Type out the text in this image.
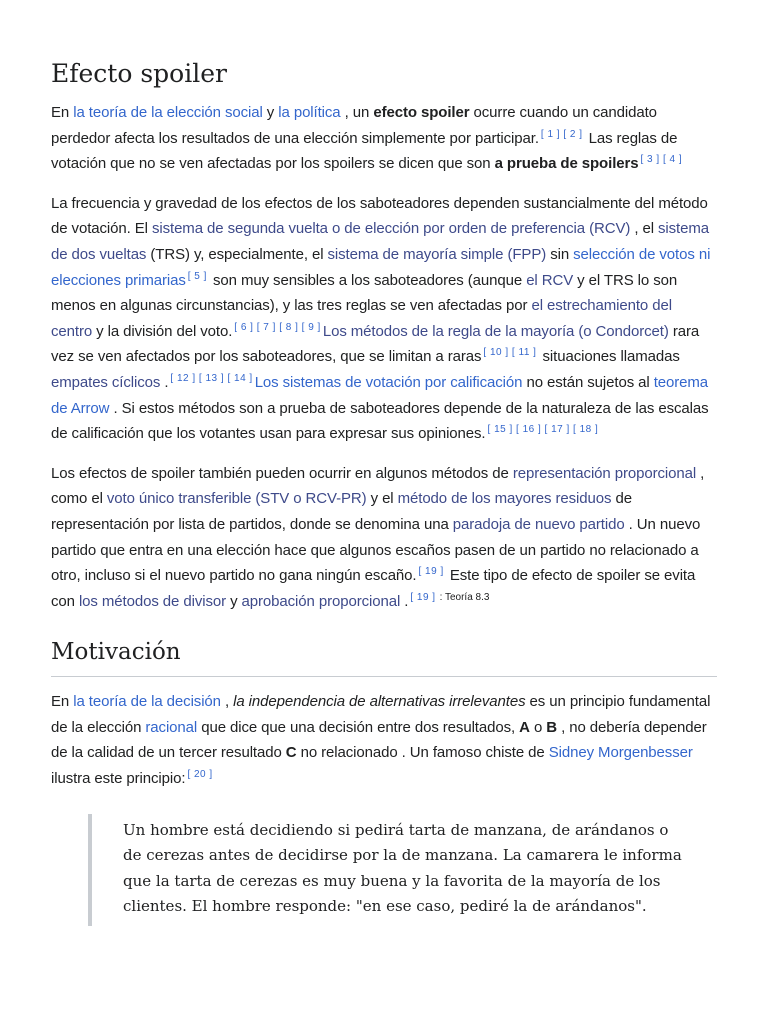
Efecto spoiler

En la teoría de la elección social y la política , un efecto spoiler ocurre cuando un candidato perdedor afecta los resultados de una elección simplemente por participar. [ 1 ] [ 2 ] Las reglas de votación que no se ven afectadas por los spoilers se dicen que son a prueba de spoilers [ 3 ] [ 4 ]

La frecuencia y gravedad de los efectos de los saboteadores dependen sustancialmente del método de votación. El sistema de segunda vuelta o de elección por orden de preferencia (RCV) , el sistema de dos vueltas (TRS) y, especialmente, el sistema de mayoría simple (FPP) sin selección de votos ni elecciones primarias [ 5 ] son muy sensibles a los saboteadores (aunque el RCV y el TRS lo son menos en algunas circunstancias), y las tres reglas se ven afectadas por el estrechamiento del centro y la división del voto. [ 6 ] [ 7 ] [ 8 ] [ 9 ] Los métodos de la regla de la mayoría (o Condorcet) rara vez se ven afectados por los saboteadores, que se limitan a raras [ 10 ] [ 11 ] situaciones llamadas empates cíclicos . [ 12 ] [ 13 ] [ 14 ] Los sistemas de votación por calificación no están sujetos al teorema de Arrow . Si estos métodos son a prueba de saboteadores depende de la naturaleza de las escalas de calificación que los votantes usan para expresar sus opiniones. [ 15 ] [ 16 ] [ 17 ] [ 18 ]

Los efectos de spoiler también pueden ocurrir en algunos métodos de representación proporcional , como el voto único transferible (STV o RCV-PR) y el método de los mayores residuos de representación por lista de partidos, donde se denomina una paradoja de nuevo partido . Un nuevo partido que entra en una elección hace que algunos escaños pasen de un partido no relacionado a otro, incluso si el nuevo partido no gana ningún escaño. [ 19 ] Este tipo de efecto de spoiler se evita con los métodos de divisor y aprobación proporcional . [ 19 ] $^{: Teoría 8.3}$

Motivación

En la teoría de la decisión , la independencia de alternativas irrelevantes es un principio fundamental de la elección racional que dice que una decisión entre dos resultados, A o B , no debería depender de la calidad de un tercer resultado C no relacionado . Un famoso chiste de Sidney Morgenbesser ilustra este principio: [ 20 ]

Un hombre está decidiendo si pedirá tarta de manzana, de arándanos o de cerezas antes de decidirse por la de manzana. La camarera le informa que la tarta de cerezas es muy buena y la favorita de la mayoría de los clientes. El hombre responde: "en ese caso, pediré la de arándanos".
